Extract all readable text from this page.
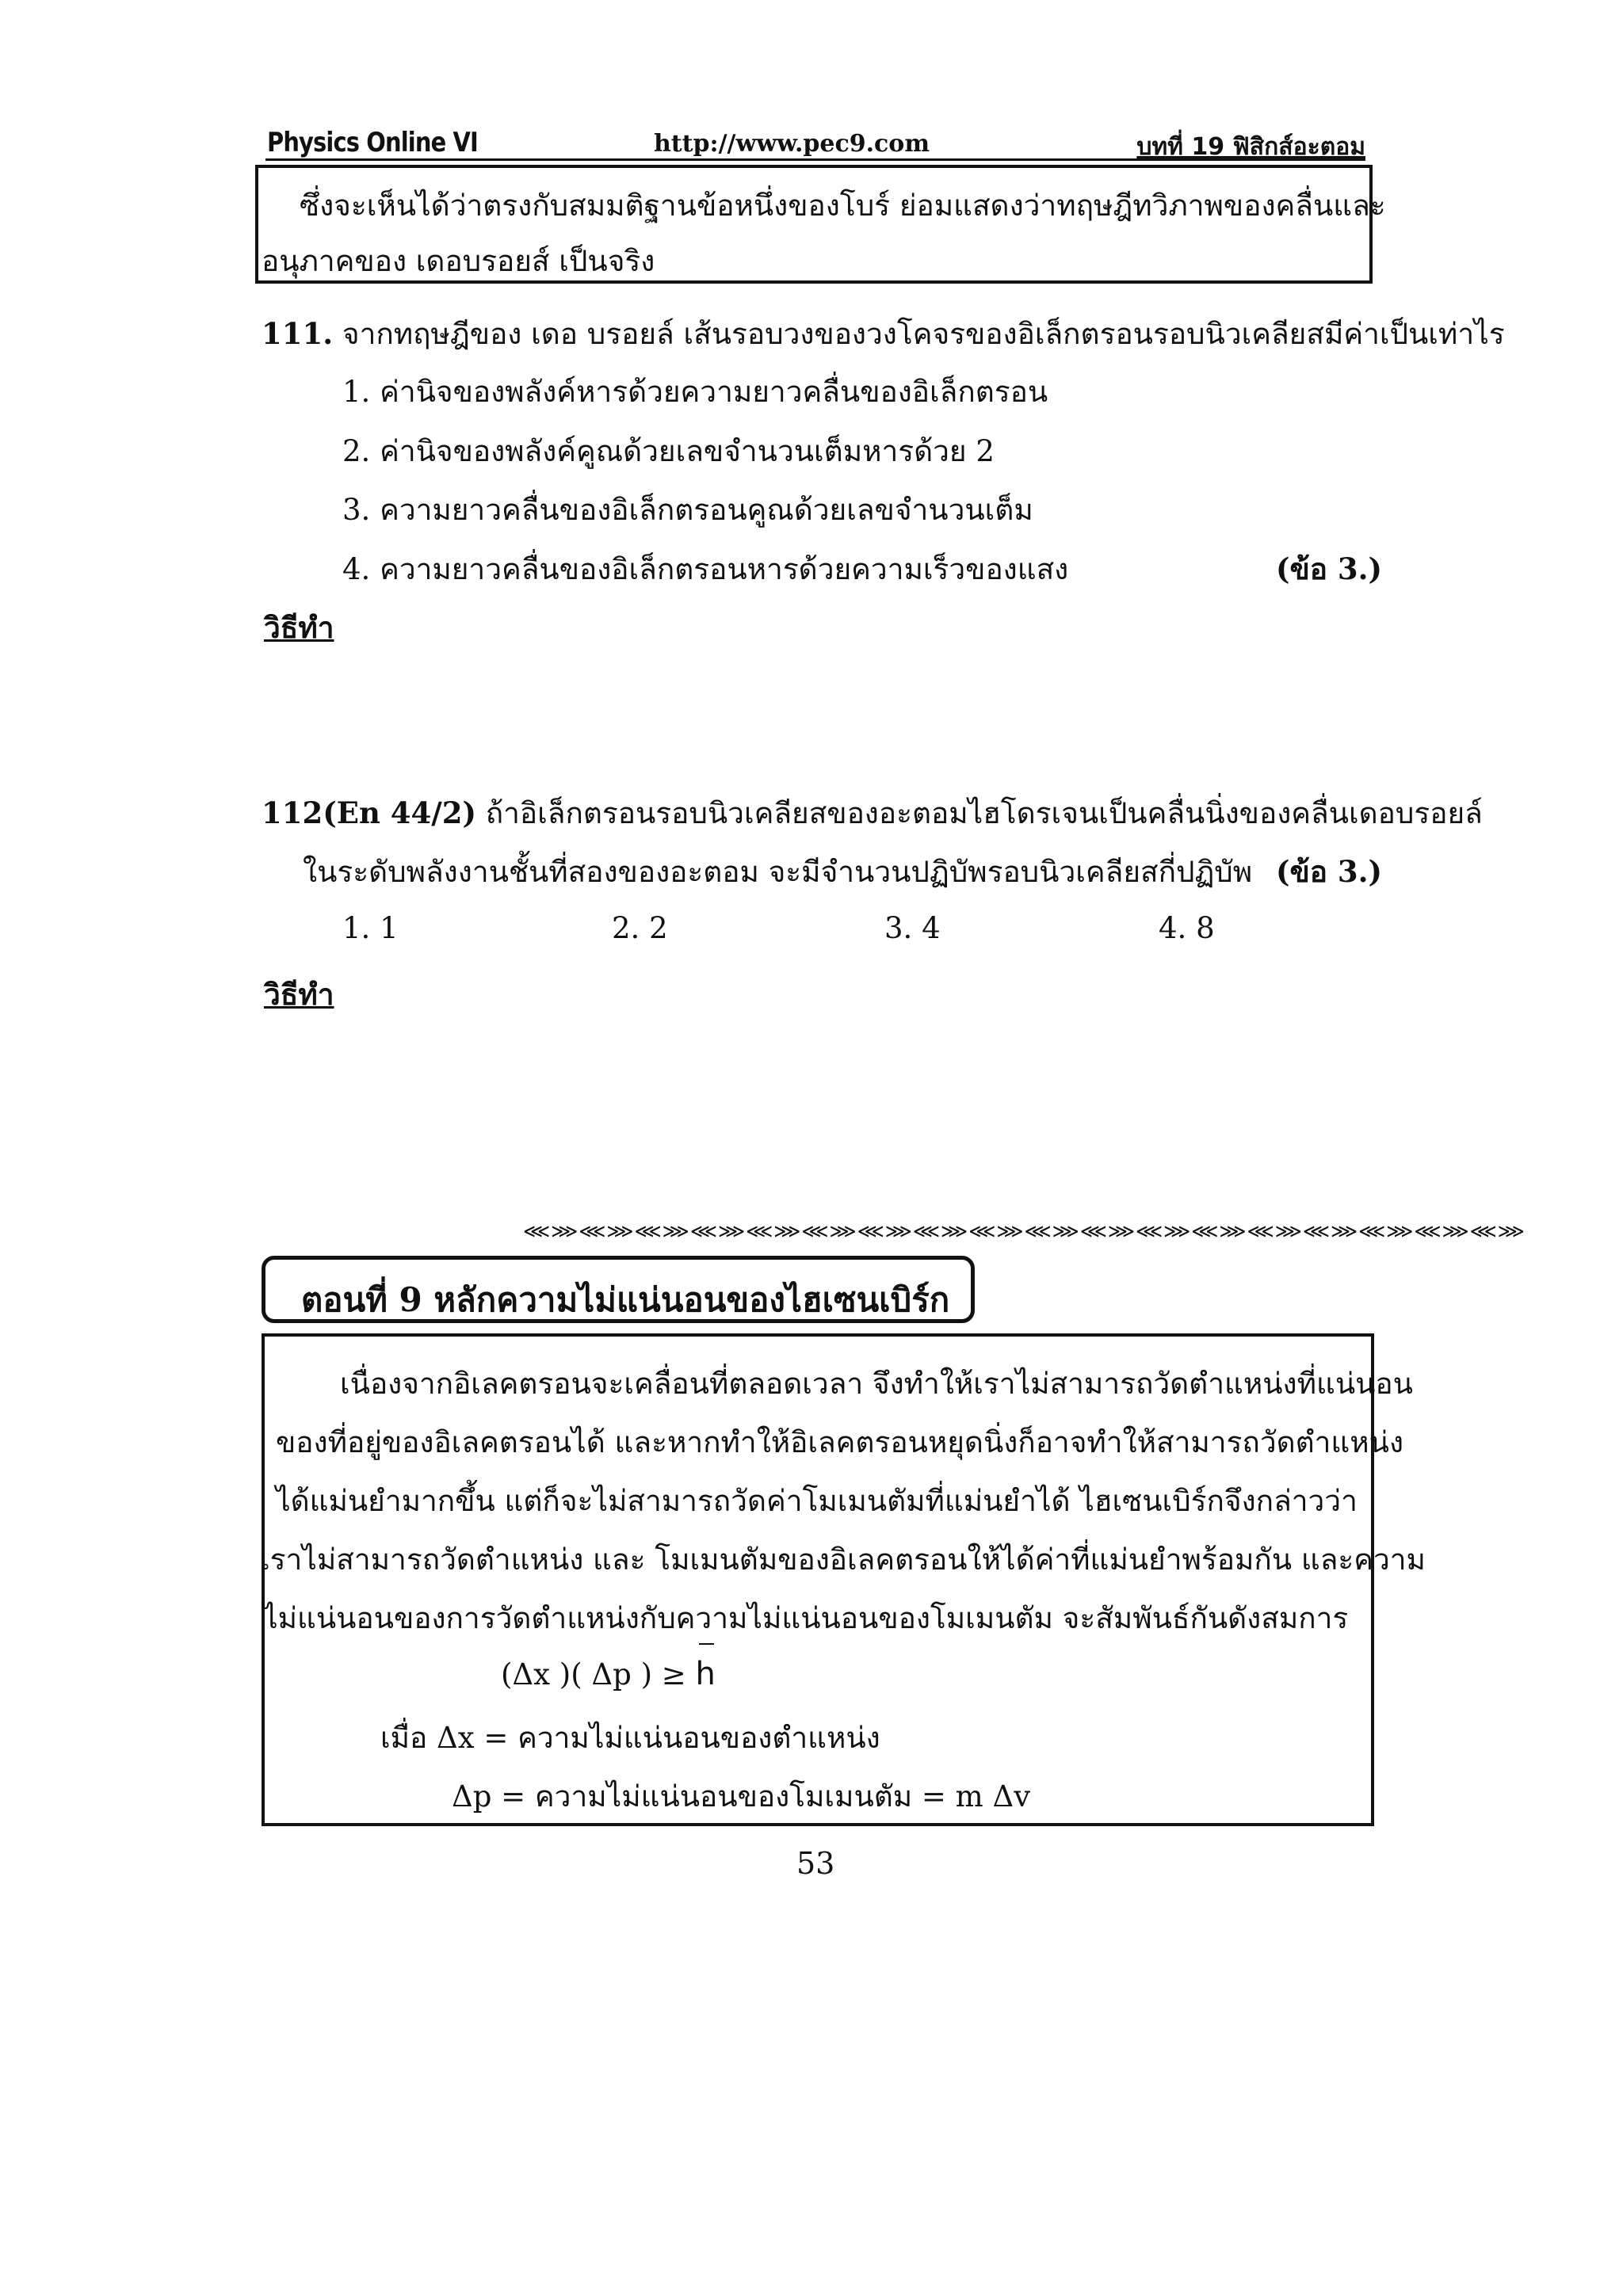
Physics Online VI	http://www.pec9.com	บทที่ 19 ฟิสิกส์อะตอม

ซึ่งจะเห็นได้ว่าตรงกับสมมติฐานข้อหนึ่งของโบร์ ย่อมแสดงว่าทฤษฎีทวิภาพของคลื่นและ

อนุภาคของ เดอบรอยส์ เป็นจริง

111. จากทฤษฎีของ เดอ บรอยล์ เส้นรอบวงของวงโคจรของอิเล็กตรอนรอบนิวเคลียสมีค่าเป็นเท่าไร

1. ค่านิจของพลังค์หารด้วยความยาวคลื่นของอิเล็กตรอน

2. ค่านิจของพลังค์คูณด้วยเลขจำนวนเต็มหารด้วย 2

3. ความยาวคลื่นของอิเล็กตรอนคูณด้วยเลขจำนวนเต็ม

4. ความยาวคลื่นของอิเล็กตรอนหารด้วยความเร็วของแสง	(ข้อ 3.)

วิธีทำ

112(En 44/2) ถ้าอิเล็กตรอนรอบนิวเคลียสของอะตอมไฮโดรเจนเป็นคลื่นนิ่งของคลื่นเดอบรอยล์

ในระดับพลังงานชั้นที่สองของอะตอม จะมีจำนวนปฏิบัพรอบนิวเคลียสกี่ปฏิบัพ (ข้อ 3.)

1. 1	2. 2	3. 4	4. 8

วิธีทำ

⋘⋙⋘⋙⋘⋙⋘⋙⋘⋙⋘⋙⋘⋙⋘⋙⋘⋙⋘⋙⋘⋙⋘⋙⋘⋙⋘⋙⋘⋙⋘⋙⋘⋙⋘⋙
ตอนที่ 9 หลักความไม่แน่นอนของไฮเซนเบิร์ก

เนื่องจากอิเลคตรอนจะเคลื่อนที่ตลอดเวลา จึงทำให้เราไม่สามารถวัดตำแหน่งที่แน่นอน

ของที่อยู่ของอิเลคตรอนได้ และหากทำให้อิเลคตรอนหยุดนิ่งก็อาจทำให้สามารถวัดตำแหน่ง

ได้แม่นยำมากขึ้น แต่ก็จะไม่สามารถวัดค่าโมเมนตัมที่แม่นยำได้ ไฮเซนเบิร์กจึงกล่าวว่า

เราไม่สามารถวัดตำแหน่ง และ โมเมนตัมของอิเลคตรอนให้ได้ค่าที่แม่นยำพร้อมกัน และความ

ไม่แน่นอนของการวัดตำแหน่งกับความไม่แน่นอนของโมเมนตัม จะสัมพันธ์กันดังสมการ

(Δx )( Δp ) ≥ h

เมื่อ Δx = ความไม่แน่นอนของตำแหน่ง

Δp = ความไม่แน่นอนของโมเมนตัม = m Δv

53
